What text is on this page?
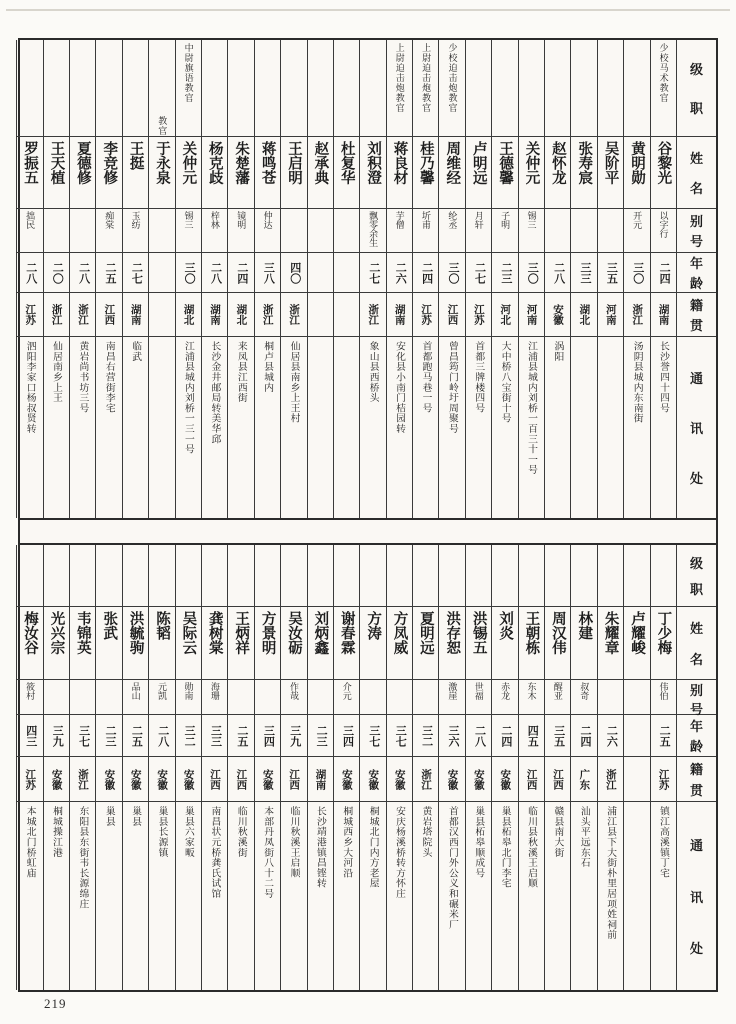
级
职
姓
名
别
号
年
龄
籍
贯
通
讯
处
少校马术教官
谷黎光
以字行
二四
湖南
长沙誉四十四号
黄明勋
开元
三〇
浙江
汤阴县城内东南街
吴阶平
三五
河南
张寿宸
三三
湖北
赵怀龙
二八
安徽
涡阳
关仲元
锡三
三〇
河南
江浦县城内刘桥一百三十一号
王德馨
子明
二三
河北
大中桥八宝街十号
卢明远
月轩
二七
江苏
首都三牌楼四号
少校迫击炮教官
周维经
纶丞
三〇
江西
曾昌筠门岭圩周聚号
上尉迫击炮教官
桂乃馨
圻甫
二四
江苏
首都跑马巷一号
上尉迫击炮教官
蒋良材
芋僧
二六
湖南
安化县小南门桔园转
刘积澄
飘零余生
二七
浙江
象山县西桥头
杜复华
赵承典
王启明
四〇
浙江
仙居县南乡上王村
蒋鸣苍
仲达
三八
浙江
桐卢县城内
朱楚藩
镜明
二四
湖北
来凤县江西街
杨克歧
梓林
二八
湖南
长沙金井邮局转美华邱
中尉旗语教官
关仲元
锡三
三〇
湖北
江浦县城内刘桥一三一号
教官
于永泉
王挺
玉纺
二七
湖南
临武
李竞修
痴棠
二五
江西
南昌右营街李宅
夏德修
二八
浙江
黄岩尚书坊三号
王天植
二〇
浙江
仙居南乡上王
罗振五
拙民
二八
江苏
泗阳李家口杨叔贤转
级
职
姓
名
别
号
年
龄
籍
贯
通
讯
处
丁少梅
伟伯
二五
江苏
镇江高溪镇丁宅
卢耀峻
朱耀章
二六
浙江
浦江县下大街朴里居项姓祠前
林建
叔奇
二四
广东
汕头平远东石
周汉伟
醒亚
三五
江西
赣县南大街
王朝栋
东木
四五
江西
临川县秋溪王启顺
刘炎
赤龙
二四
安徽
巢县柘皋北门李宅
洪锡五
世福
二八
安徽
巢县柘皋顺成号
洪存恕
激崖
三六
安徽
首都汉西门外公义和碾米厂
夏明远
三二
浙江
黄岩塔院头
方凤威
三七
安徽
安庆杨溪桥转方怀庄
方涛
三七
安徽
桐城北门内方老屋
谢春霖
介元
三四
安徽
桐城西乡大河沿
刘炳鑫
二三
湖南
长沙靖港镇昌铿转
吴汝砺
作哉
三九
江西
临川秋溪王启顺
方景明
三四
安徽
本部丹凤街八十二号
王炳祥
二五
江西
临川秋溪街
龚树棠
海珊
三三
江西
南昌状元桥龚氏试馆
吴际云
勋南
三二
安徽
巢县六家畈
陈韬
元凯
二八
安徽
巢县长源镇
洪毓驹
品山
二五
安徽
巢县
张武
二三
安徽
巢县
韦锦英
三七
浙江
东阳县东街韦长源绵庄
光兴宗
三九
安徽
桐城操江港
梅汝谷
筱村
四三
江苏
本城北门桥虹庙
219
